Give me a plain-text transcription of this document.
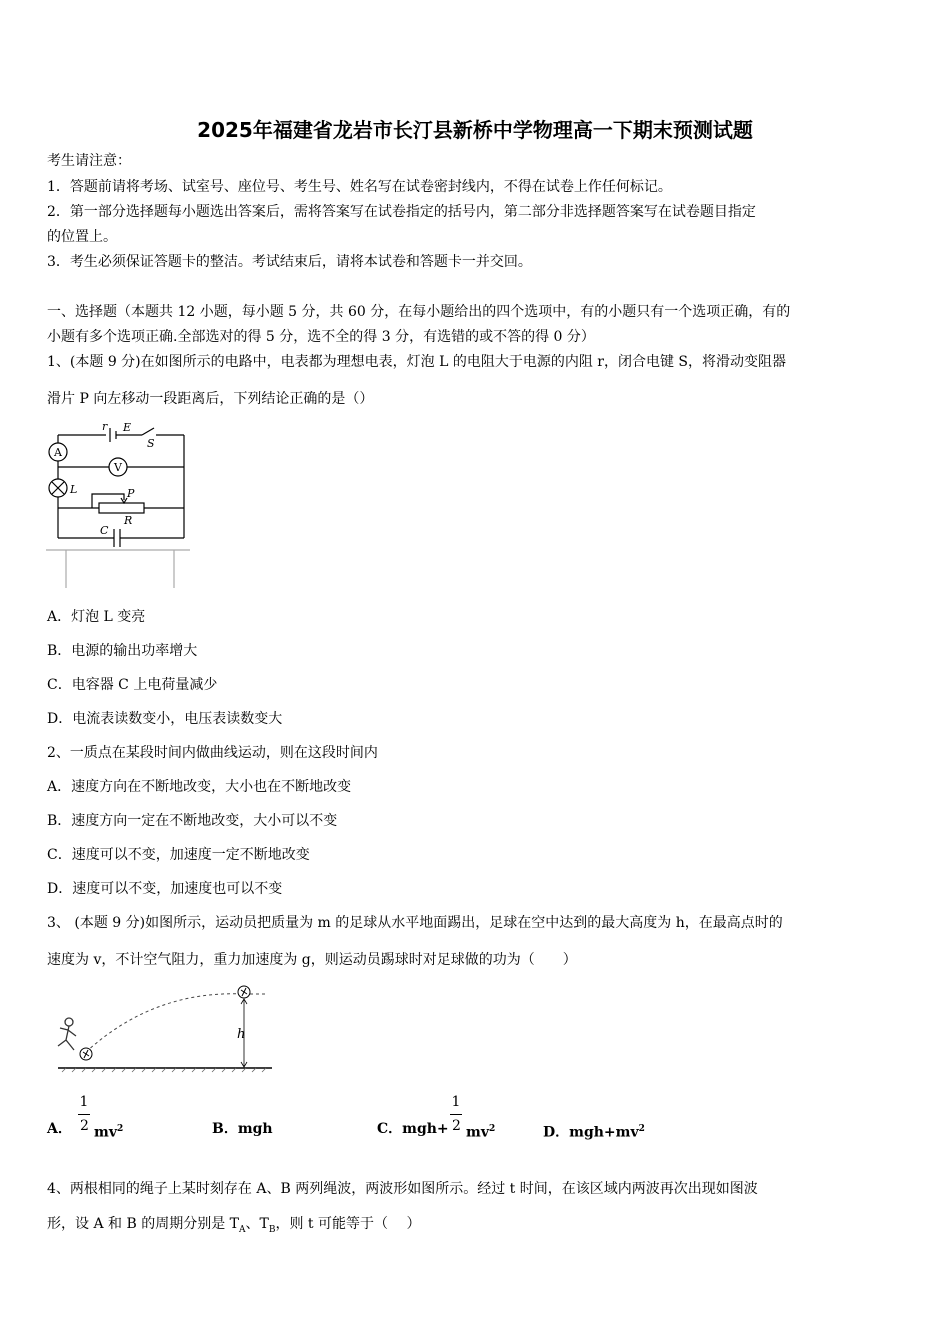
2025年福建省龙岩市长汀县新桥中学物理高一下期末预测试题
考生请注意：
1．答题前请将考场、试室号、座位号、考生号、姓名写在试卷密封线内，不得在试卷上作任何标记。
2．第一部分选择题每小题选出答案后，需将答案写在试卷指定的括号内，第二部分非选择题答案写在试卷题目指定
的位置上。
3．考生必须保证答题卡的整洁。考试结束后，请将本试卷和答题卡一并交回。
一、选择题（本题共 12 小题，每小题 5 分，共 60 分，在每小题给出的四个选项中，有的小题只有一个选项正确，有的
小题有多个选项正确.全部选对的得 5 分，选不全的得 3 分，有选错的或不答的得 0 分）
1、(本题 9 分)在如图所示的电路中，电表都为理想电表，灯泡 L 的电阻大于电源的内阻 r，闭合电键 S，将滑动变阻器
滑片 P 向左移动一段距离后，下列结论正确的是（）
r E
S
A
V
L	P
R
C
A．灯泡 L 变亮
B．电源的输出功率增大
C．电容器 C 上电荷量减少
D．电流表读数变小，电压表读数变大
2、一质点在某段时间内做曲线运动，则在这段时间内
A．速度方向在不断地改变，大小也在不断地改变
B．速度方向一定在不断地改变，大小可以不变
C．速度可以不变，加速度一定不断地改变
D．速度可以不变，加速度也可以不变
3、 (本题 9 分)如图所示，运动员把质量为 m 的足球从水平地面踢出，足球在空中达到的最大高度为 h，在最高点时的
速度为 v，不计空气阻力，重力加速度为 g，则运动员踢球时对足球做的功为（　　）
h
A．
1
2 $mv^2$	B．mgh	C．mgh+
1
2 $mv^2$	D．$mgh+mv^2$
4、两根相同的绳子上某时刻存在 A、B 两列绳波，两波形如图所示。经过 t 时间，在该区域内两波再次出现如图波
形，设 A 和 B 的周期分别是 $T_A$、$T_B$，则 t 可能等于（　 ）
